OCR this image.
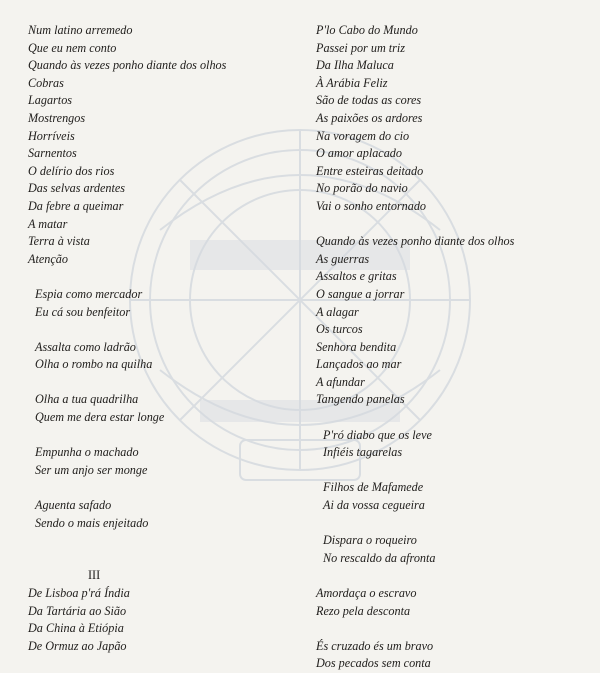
Num latino arremedo
Que eu nem conto
Quando às vezes ponho diante dos olhos
Cobras
Lagartos
Mostrengos
Horríveis
Sarnentos
O delírio dos rios
Das selvas ardentes
Da febre a queimar
A matar
Terra à vista
Atenção
Espia como mercador
Eu cá sou benfeitor
Assalta como ladrão
Olha o rombo na quilha
Olha a tua quadrilha
Quem me dera estar longe
Empunha o machado
Ser um anjo ser monge
Aguenta safado
Sendo o mais enjeitado
III
De Lisboa p'rá Índia
Da Tartária ao Sião
Da China à Etiópia
De Ormuz ao Japão
P'lo Cabo do Mundo
Passei por um triz
Da Ilha Maluca
À Arábia Feliz
São de todas as cores
As paixões os ardores
Na voragem do cio
O amor aplacado
Entre esteiras deitado
No porão do navio
Vai o sonho entornado
Quando às vezes ponho diante dos olhos
As guerras
Assaltos e gritas
O sangue a jorrar
A alagar
Os turcos
Senhora bendita
Lançados ao mar
A afundar
Tangendo panelas
P'ró diabo que os leve
Infiéis tagarelas
Filhos de Mafamede
Ai da vossa cegueira
Dispara o roqueiro
No rescaldo da afronta
Amordaça o escravo
Rezo pela desconta
És cruzado és um bravo
Dos pecados sem conta
